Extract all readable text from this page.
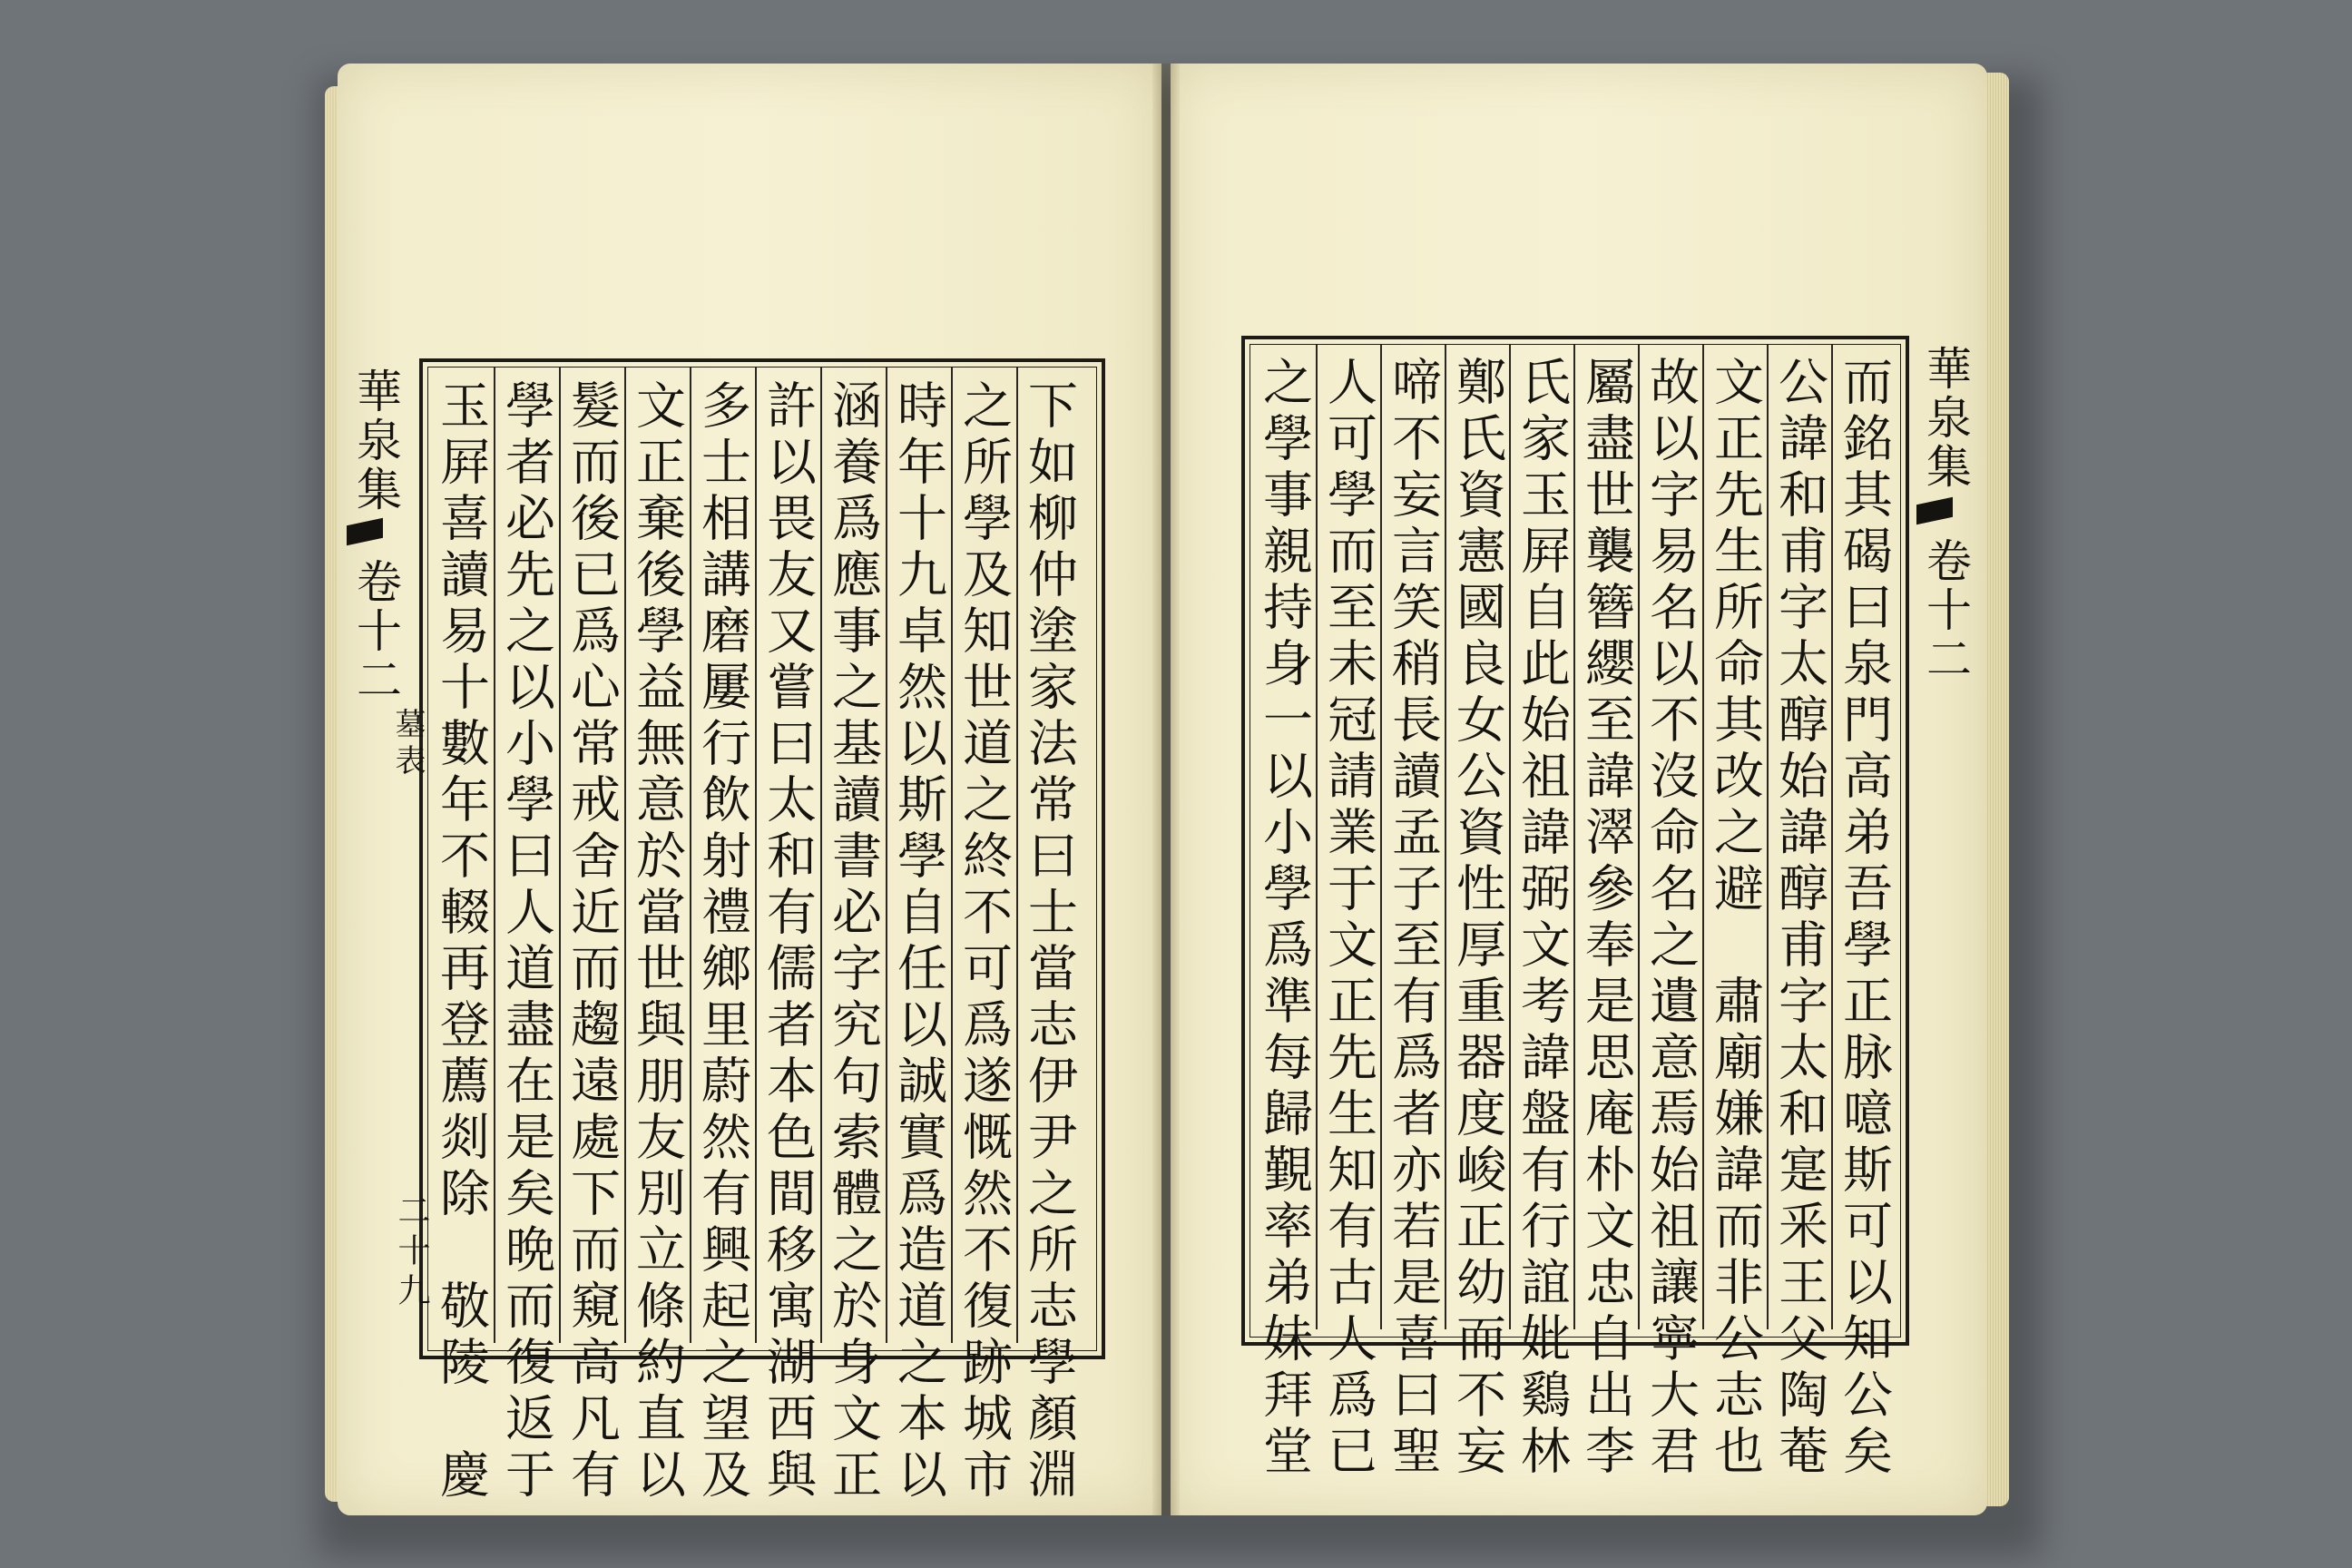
華泉集
卷十二
墓表
二十九	下如柳仲塗家法常曰士當志伊尹之所志學顏淵
之所學及知世道之終不可爲遂慨然不復跡城市
時年十九卓然以斯學自任以誠實爲造道之本以
涵養爲應事之基讀書必字究句索體之於身文正
許以畏友又嘗曰太和有儒者本色間移寓湖西與
多士相講磨屢行飲射禮鄉里蔚然有興起之望及
文正棄後學益無意於當世與朋友別立條約直以
髮而後已爲心常戒舍近而趨遠處下而窺高凡有
學者必先之以小學曰人道盡在是矣晩而復返于
玉屛喜讀易十數年不輟再登薦剡除　敬陵　慶	華泉集
卷十二
而銘其碣曰泉門高弟吾學正脉噫斯可以知公矣
公諱和甫字太醇始諱醇甫字太和寔釆王父陶菴
文正先生所命其改之避　肅廟嫌諱而非公志也
故以字易名以不沒命名之遺意焉始祖讓寧大君
屬盡世襲簪纓至諱濢參奉是思庵朴文忠自出李
氏家玉屛自此始祖諱弼文考諱盤有行誼妣鷄林
鄭氏資憲國良女公資性厚重器度峻正幼而不妄
啼不妄言笑稍長讀孟子至有爲者亦若是喜曰聖
人可學而至未冠請業于文正先生知有古人爲已
之學事親持身一以小學爲準每歸覲率弟妹拜堂
